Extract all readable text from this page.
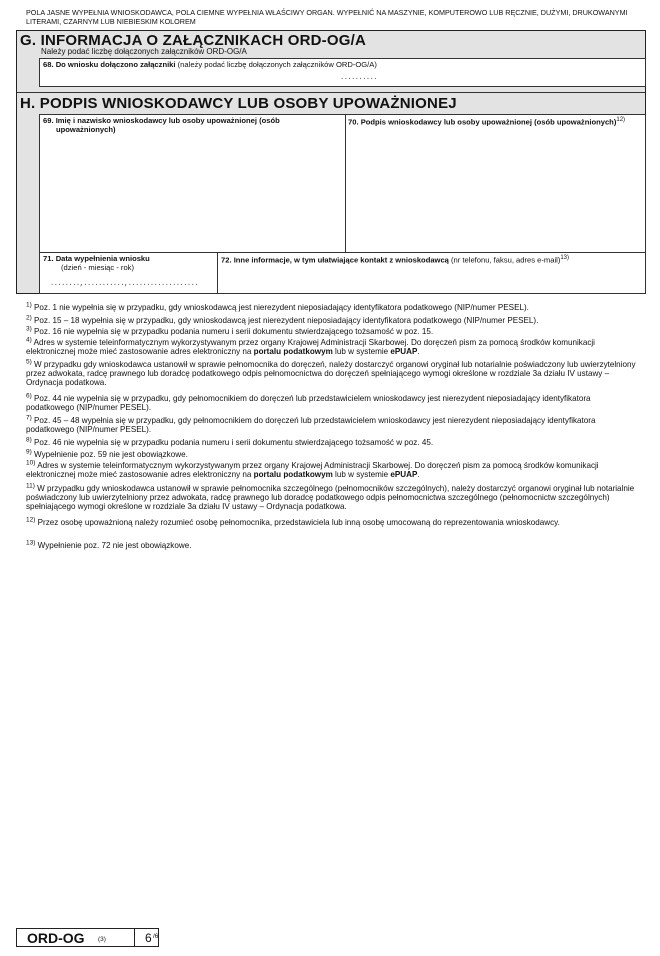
POLA JASNE WYPEŁNIA WNIOSKODAWCA, POLA CIEMNE WYPEŁNIA WŁAŚCIWY ORGAN. WYPEŁNIĆ NA MASZYNIE, KOMPUTEROWO LUB RĘCZNIE, DUŻYMI, DRUKOWANYMI LITERAMI, CZARNYM LUB NIEBIESKIM KOLOREM
G. INFORMACJA O ZAŁĄCZNIKACH ORD-OG/A
Należy podać liczbę dołączonych załączników ORD-OG/A
68. Do wniosku dołączono załączniki (należy podać liczbę dołączonych załączników ORD-OG/A)
..........
H. PODPIS WNIOSKODAWCY LUB OSOBY UPOWAŻNIONEJ
69. Imię i nazwisko wnioskodawcy lub osoby upoważnionej (osób
upoważnionych)
70. Podpis wnioskodawcy lub osoby upoważnionej (osób upoważnionych)$^{12)}$
71. Data wypełnienia wniosku
(dzień - miesiąc - rok)
........,...........,...................
72. Inne informacje, w tym ułatwiające kontakt z wnioskodawcą (nr telefonu, faksu, adres e-mail)$^{13)}$
$^{1)}$ Poz. 1 nie wypełnia się w przypadku, gdy wnioskodawcą jest nierezydent nieposiadający identyfikatora podatkowego (NIP/numer PESEL).
$^{2)}$ Poz. 15 – 18 wypełnia się w przypadku, gdy wnioskodawcą jest nierezydent nieposiadający identyfikatora podatkowego (NIP/numer PESEL).
$^{3)}$ Poz. 16 nie wypełnia się w przypadku podania numeru i serii dokumentu stwierdzającego tożsamość w poz. 15.
$^{4)}$ Adres w systemie teleinformatycznym wykorzystywanym przez organy Krajowej Administracji Skarbowej. Do doręczeń pism za pomocą środków komunikacji elektronicznej może mieć zastosowanie adres elektroniczny na portalu podatkowym lub w systemie ePUAP.
$^{5)}$ W przypadku gdy wnioskodawca ustanowił w sprawie pełnomocnika do doręczeń, należy dostarczyć organowi oryginał lub notarialnie poświadczony lub uwierzytelniony przez adwokata, radcę prawnego lub doradcę podatkowego odpis pełnomocnictwa do doręczeń spełniającego wymogi określone w rozdziale 3a działu IV ustawy – Ordynacja podatkowa.
$^{6)}$ Poz. 44 nie wypełnia się w przypadku, gdy pełnomocnikiem do doręczeń lub przedstawicielem wnioskodawcy jest nierezydent nieposiadający identyfikatora podatkowego (NIP/numer PESEL).
$^{7)}$ Poz. 45 – 48 wypełnia się w przypadku, gdy pełnomocnikiem do doręczeń lub przedstawicielem wnioskodawcy jest nierezydent nieposiadający identyfikatora podatkowego (NIP/numer PESEL).
$^{8)}$ Poz. 46 nie wypełnia się w przypadku podania numeru i serii dokumentu stwierdzającego tożsamość w poz. 45.
$^{9)}$ Wypełnienie poz. 59 nie jest obowiązkowe.
$^{10)}$ Adres w systemie teleinformatycznym wykorzystywanym przez organy Krajowej Administracji Skarbowej. Do doręczeń pism za pomocą środków komunikacji elektronicznej może mieć zastosowanie adres elektroniczny na portalu podatkowym lub w systemie ePUAP.
$^{11)}$ W przypadku gdy wnioskodawca ustanowił w sprawie pełnomocnika szczególnego (pełnomocników szczególnych), należy dostarczyć organowi oryginał lub notarialnie poświadczony lub uwierzytelniony przez adwokata, radcę prawnego lub doradcę podatkowego odpis pełnomocnictwa szczególnego (pełnomocnictw szczególnych) spełniającego wymogi określone w rozdziale 3a działu IV ustawy – Ordynacja podatkowa.
$^{12)}$ Przez osobę upoważnioną należy rozumieć osobę pełnomocnika, przedstawiciela lub inną osobę umocowaną do reprezentowania wnioskodawcy.
$^{13)}$ Wypełnienie poz. 72 nie jest obowiązkowe.
ORD-OG (3)	6 /6
